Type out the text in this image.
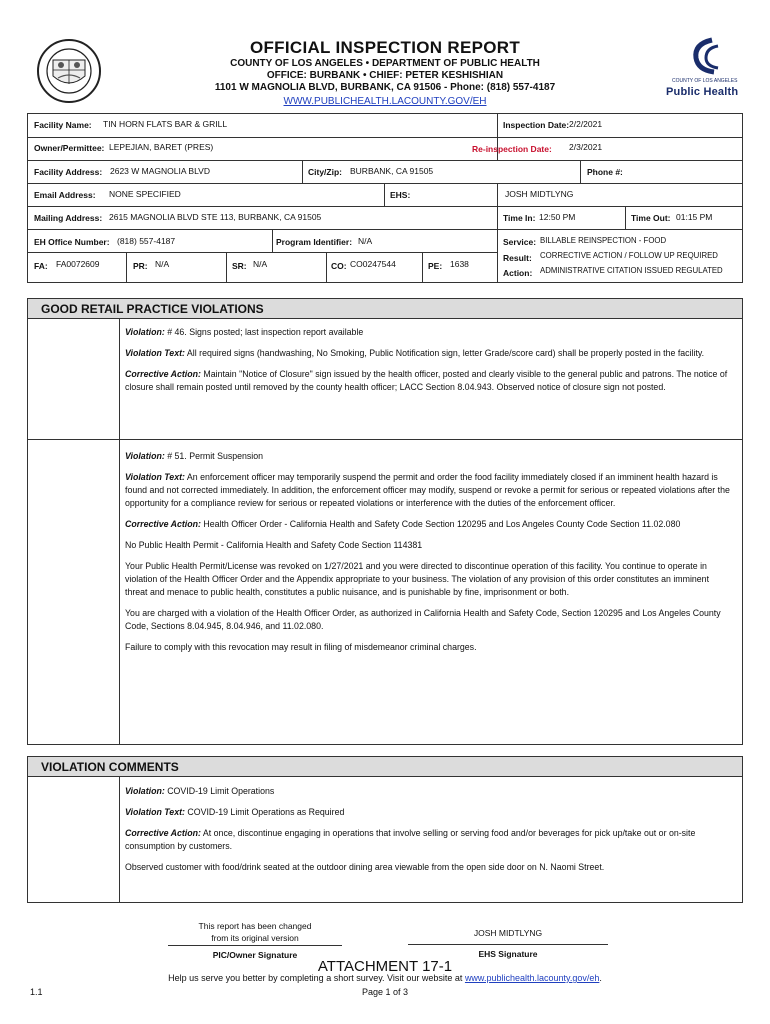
COUNTY OF LOS ANGELES
Public Health
OFFICIAL INSPECTION REPORT
COUNTY OF LOS ANGELES • DEPARTMENT OF PUBLIC HEALTH
OFFICE: BURBANK • CHIEF: PETER KESHISHIAN
1101 W MAGNOLIA BLVD, BURBANK, CA 91506 - Phone: (818) 557-4187
WWW.PUBLICHEALTH.LACOUNTY.GOV/EH
Facility Name: TIN HORN FLATS BAR & GRILL	Inspection Date: 2/2/2021
Owner/Permittee: LEPEJIAN, BARET (PRES)	Re-inspection Date: 2/3/2021
Facility Address: 2623 W MAGNOLIA BLVD	City/Zip: BURBANK, CA 91505	Phone #:
Email Address: NONE SPECIFIED	EHS:	JOSH MIDTLYNG
Mailing Address: 2615 MAGNOLIA BLVD STE 113, BURBANK, CA 91505	Time In: 12:50 PM	Time Out: 01:15 PM
EH Office Number: (818) 557-4187	Program Identifier: N/A	Service: BILLABLE REINSPECTION - FOOD
Result: CORRECTIVE ACTION / FOLLOW UP REQUIRED
Action: ADMINISTRATIVE CITATION ISSUED REGULATED
FA: FA0072609	PR: N/A	SR: N/A	CO: CO0247544	PE: 1638
GOOD RETAIL PRACTICE VIOLATIONS

Violation: # 46. Signs posted; last inspection report available

Violation Text: All required signs (handwashing, No Smoking, Public Notification sign, letter Grade/score card) shall be properly posted in the facility.

Corrective Action: Maintain "Notice of Closure" sign issued by the health officer, posted and clearly visible to the general public and patrons. The notice of closure shall remain posted until removed by the county health officer; LACC Section 8.04.943. Observed notice of closure sign not posted.

Violation: # 51. Permit Suspension

Violation Text: An enforcement officer may temporarily suspend the permit and order the food facility immediately closed if an imminent health hazard is found and not corrected immediately. In addition, the enforcement officer may modify, suspend or revoke a permit for serious or repeated violations after the opportunity for a compliance review for serious or repeated violations or interference with the duties of the enforcement officer.

Corrective Action: Health Officer Order - California Health and Safety Code Section 120295 and Los Angeles County Code Section 11.02.080

No Public Health Permit - California Health and Safety Code Section 114381

Your Public Health Permit/License was revoked on 1/27/2021 and you were directed to discontinue operation of this facility. You continue to operate in violation of the Health Officer Order and the Appendix appropriate to your business. The violation of any provision of this order constitutes an imminent threat and menace to public health, constitutes a public nuisance, and is punishable by fine, imprisonment or both.

You are charged with a violation of the Health Officer Order, as authorized in California Health and Safety Code, Section 120295 and Los Angeles County Code, Sections 8.04.945, 8.04.946, and 11.02.080.

Failure to comply with this revocation may result in filing of misdemeanor criminal charges.

VIOLATION COMMENTS

Violation: COVID-19 Limit Operations

Violation Text: COVID-19 Limit Operations as Required

Corrective Action: At once, discontinue engaging in operations that involve selling or serving food and/or beverages for pick up/take out or on-site consumption by customers.

Observed customer with food/drink seated at the outdoor dining area viewable from the open side door on N. Naomi Street.

This report has been changed
from its original version
PIC/Owner Signature
JOSH MIDTLYNG
EHS Signature
ATTACHMENT 17-1
Help us serve you better by completing a short survey. Visit our website at www.publichealth.lacounty.gov/eh.
Page 1 of 3
1.1
